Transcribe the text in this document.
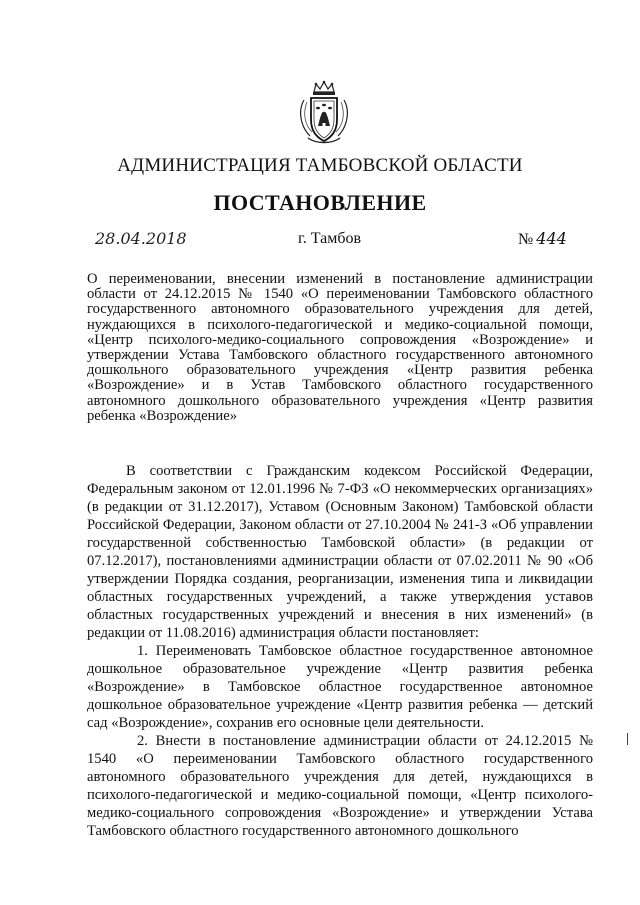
АДМИНИСТРАЦИЯ ТАМБОВСКОЙ ОБЛАСТИ
ПОСТАНОВЛЕНИЕ
28.04.2018	г. Тамбов	№ 444
О переименовании, внесении изменений в постановление администрации области от 24.12.2015 № 1540 «О переименовании Тамбовского областного государственного автономного образовательного учреждения для детей, нуждающихся в психолого-педагогической и медико-социальной помощи, «Центр психолого-медико-социального сопровождения «Возрождение» и утверждении Устава Тамбовского областного государственного автономного дошкольного образовательного учреждения «Центр развития ребенка «Возрождение» и в Устав Тамбовского областного государственного автономного дошкольного образовательного учреждения «Центр развития ребенка «Возрождение»

В соответствии с Гражданским кодексом Российской Федерации, Федеральным законом от 12.01.1996 № 7-ФЗ «О некоммерческих организациях» (в редакции от 31.12.2017), Уставом (Основным Законом) Тамбовской области Российской Федерации, Законом области от 27.10.2004 № 241-З «Об управлении государственной собственностью Тамбовской области» (в редакции от 07.12.2017), постановлениями администрации области от 07.02.2011 № 90 «Об утверждении Порядка создания, реорганизации, изменения типа и ликвидации областных государственных учреждений, а также утверждения уставов областных государственных учреждений и внесения в них изменений» (в редакции от 11.08.2016) администрация области постановляет:

1. Переименовать Тамбовское областное государственное автономное дошкольное образовательное учреждение «Центр развития ребенка «Возрождение» в Тамбовское областное государственное автономное дошкольное образовательное учреждение «Центр развития ребенка — детский сад «Возрождение», сохранив его основные цели деятельности.

2. Внести в постановление администрации области от 24.12.2015 № 1540 «О переименовании Тамбовского областного государственного автономного образовательного учреждения для детей, нуждающихся в психолого-педагогической и медико-социальной помощи, «Центр психолого-медико-социального сопровождения «Возрождение» и утверждении Устава Тамбовского областного государственного автономного дошкольного
